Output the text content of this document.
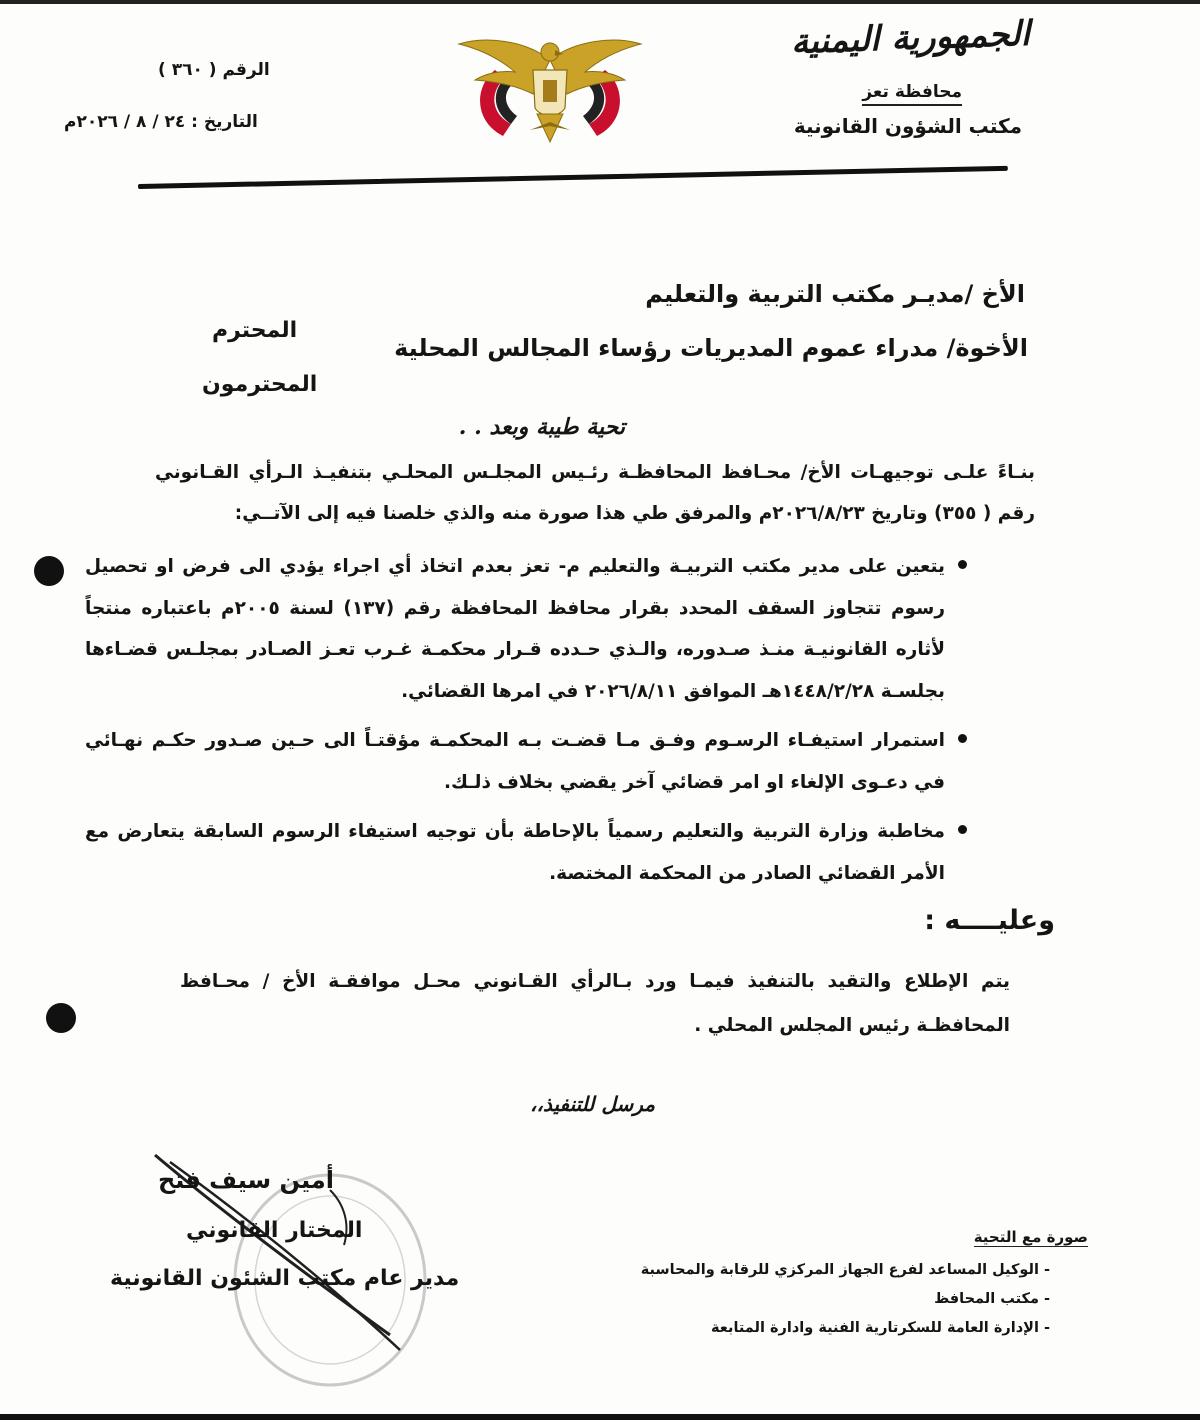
الجمهورية اليمنية
محافظة تعز
مكتب الشؤون القانونية
الرقم ( ٣٦٠ )
التاريخ : ٢٤ / ٨ / ٢٠٢٦م
الأخ /مديـر مكتب التربية والتعليم
الأخوة/ مدراء عموم المديريات رؤساء المجالس المحلية
المحترم
المحترمون
تحية طيبة وبعد . .
بنـاءً علـى توجيهـات الأخ/ محـافظ المحافظـة رئـيس المجلـس المحلـي بتنفيـذ الـرأي القـانوني رقم ( ٣٥٥) وتاريخ ٢٠٢٦/٨/٢٣م والمرفق طي هذا صورة منه والذي خلصنا فيه إلى الآتــي:
يتعين على مدير مكتب التربيـة والتعليم م- تعز بعدم اتخاذ أي اجراء يؤدي الى فرض او تحصيل رسوم تتجاوز السقف المحدد بقرار محافظ المحافظة رقم (١٣٧) لسنة ٢٠٠٥م باعتباره منتجاً لأثاره القانونيـة منـذ صـدوره، والـذي حـدده قـرار محكمـة غـرب تعـز الصـادر بمجلـس قضـاءها بجلسـة ١٤٤٨/٢/٢٨هـ الموافق ٢٠٢٦/٨/١١ في امرها القضائي.
استمرار استيفـاء الرسـوم وفـق مـا قضـت بـه المحكمـة مؤقتـاً الى حـين صـدور حكـم نهـائي في دعـوى الإلغاء او امر قضائي آخر يقضي بخلاف ذلـك.
مخاطبة وزارة التربية والتعليم رسمياً بالإحاطة بأن توجيه استيفاء الرسوم السابقة يتعارض مع الأمر القضائي الصادر من المحكمة المختصة.
وعليــــه :
يتم الإطلاع والتقيد بالتنفيذ فيمـا ورد بـالرأي القـانوني محـل موافقـة الأخ / محـافظ المحافظـة رئيس المجلس المحلي .
مرسل للتنفيذ،،
أمين سيف فتح
المختار القانوني
مدير عام مكتب الشئون القانونية
صورة مع التحية
- الوكيل المساعد لفرع الجهاز المركزي للرقابة والمحاسبة
- مكتب المحافظ
- الإدارة العامة للسكرتارية الفنية وادارة المتابعة
